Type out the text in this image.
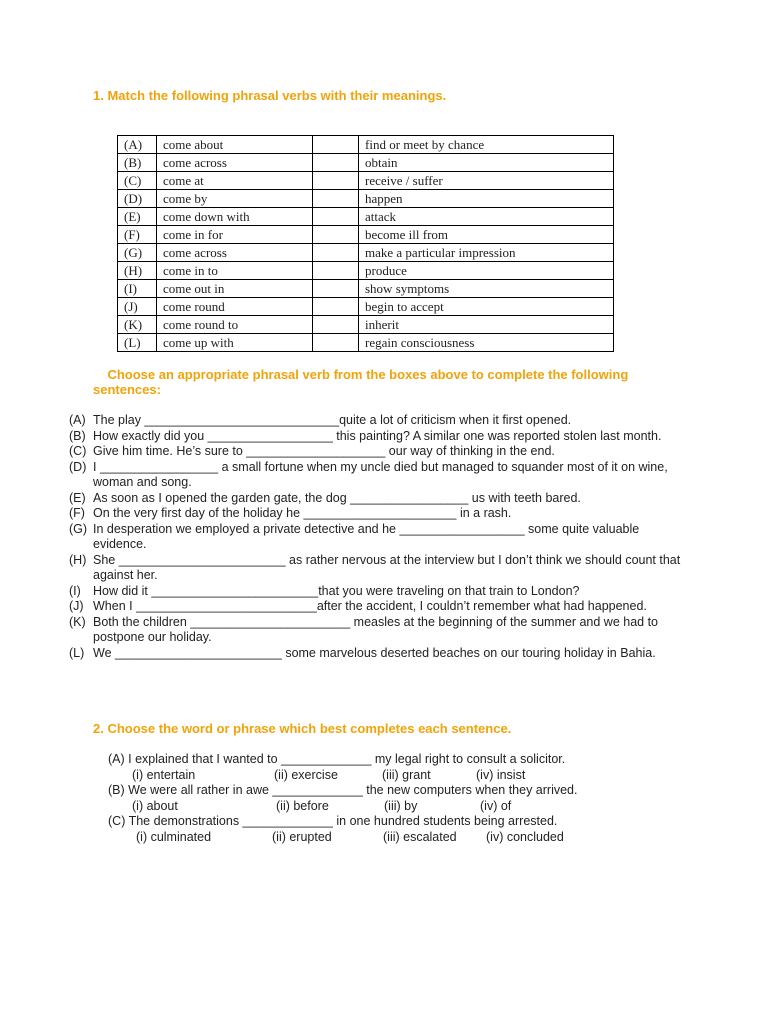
1. Match the following phrasal verbs with their meanings.
(A)	come about		find or meet by chance
(B)	come across		obtain
(C)	come at		receive / suffer
(D)	come by		happen
(E)	come down with		attack
(F)	come in for		become ill from
(G)	come across		make a particular impression
(H)	come in to		produce
(I)	come out in		show symptoms
(J)	come round		begin to accept
(K)	come round to		inherit
(L)	come up with		regain consciousness
Choose an appropriate phrasal verb from the boxes above to complete the following sentences:
(A) The play ____________________________quite a lot of criticism when it first opened.
(B) How exactly did you __________________ this painting? A similar one was reported stolen last month.
(C) Give him time. He’s sure to ____________________ our way of thinking in the end.
(D) I _________________ a small fortune when my uncle died but managed to squander most of it on wine, woman and song.
(E) As soon as I opened the garden gate, the dog _________________ us with teeth bared.
(F) On the very first day of the holiday he ______________________ in a rash.
(G) In desperation we employed a private detective and he __________________ some quite valuable evidence.
(H) She ________________________ as rather nervous at the interview but I don’t think we should count that against her.
(I) How did it ________________________that you were traveling on that train to London?
(J) When I __________________________after the accident, I couldn’t remember what had happened.
(K) Both the children _______________________ measles at the beginning of the summer and we had to postpone our holiday.
(L) We ________________________ some marvelous deserted beaches on our touring holiday in Bahia.
2. Choose the word or phrase which best completes each sentence.
(A) I explained that I wanted to _____________ my legal right to consult a solicitor.
(i) entertain	(ii) exercise	(iii) grant	(iv) insist
(B) We were all rather in awe _____________ the new computers when they arrived.
(i) about	(ii) before	(iii) by	(iv) of
(C) The demonstrations _____________ in one hundred students being arrested.
(i) culminated	(ii) erupted	(iii) escalated (iv) concluded
